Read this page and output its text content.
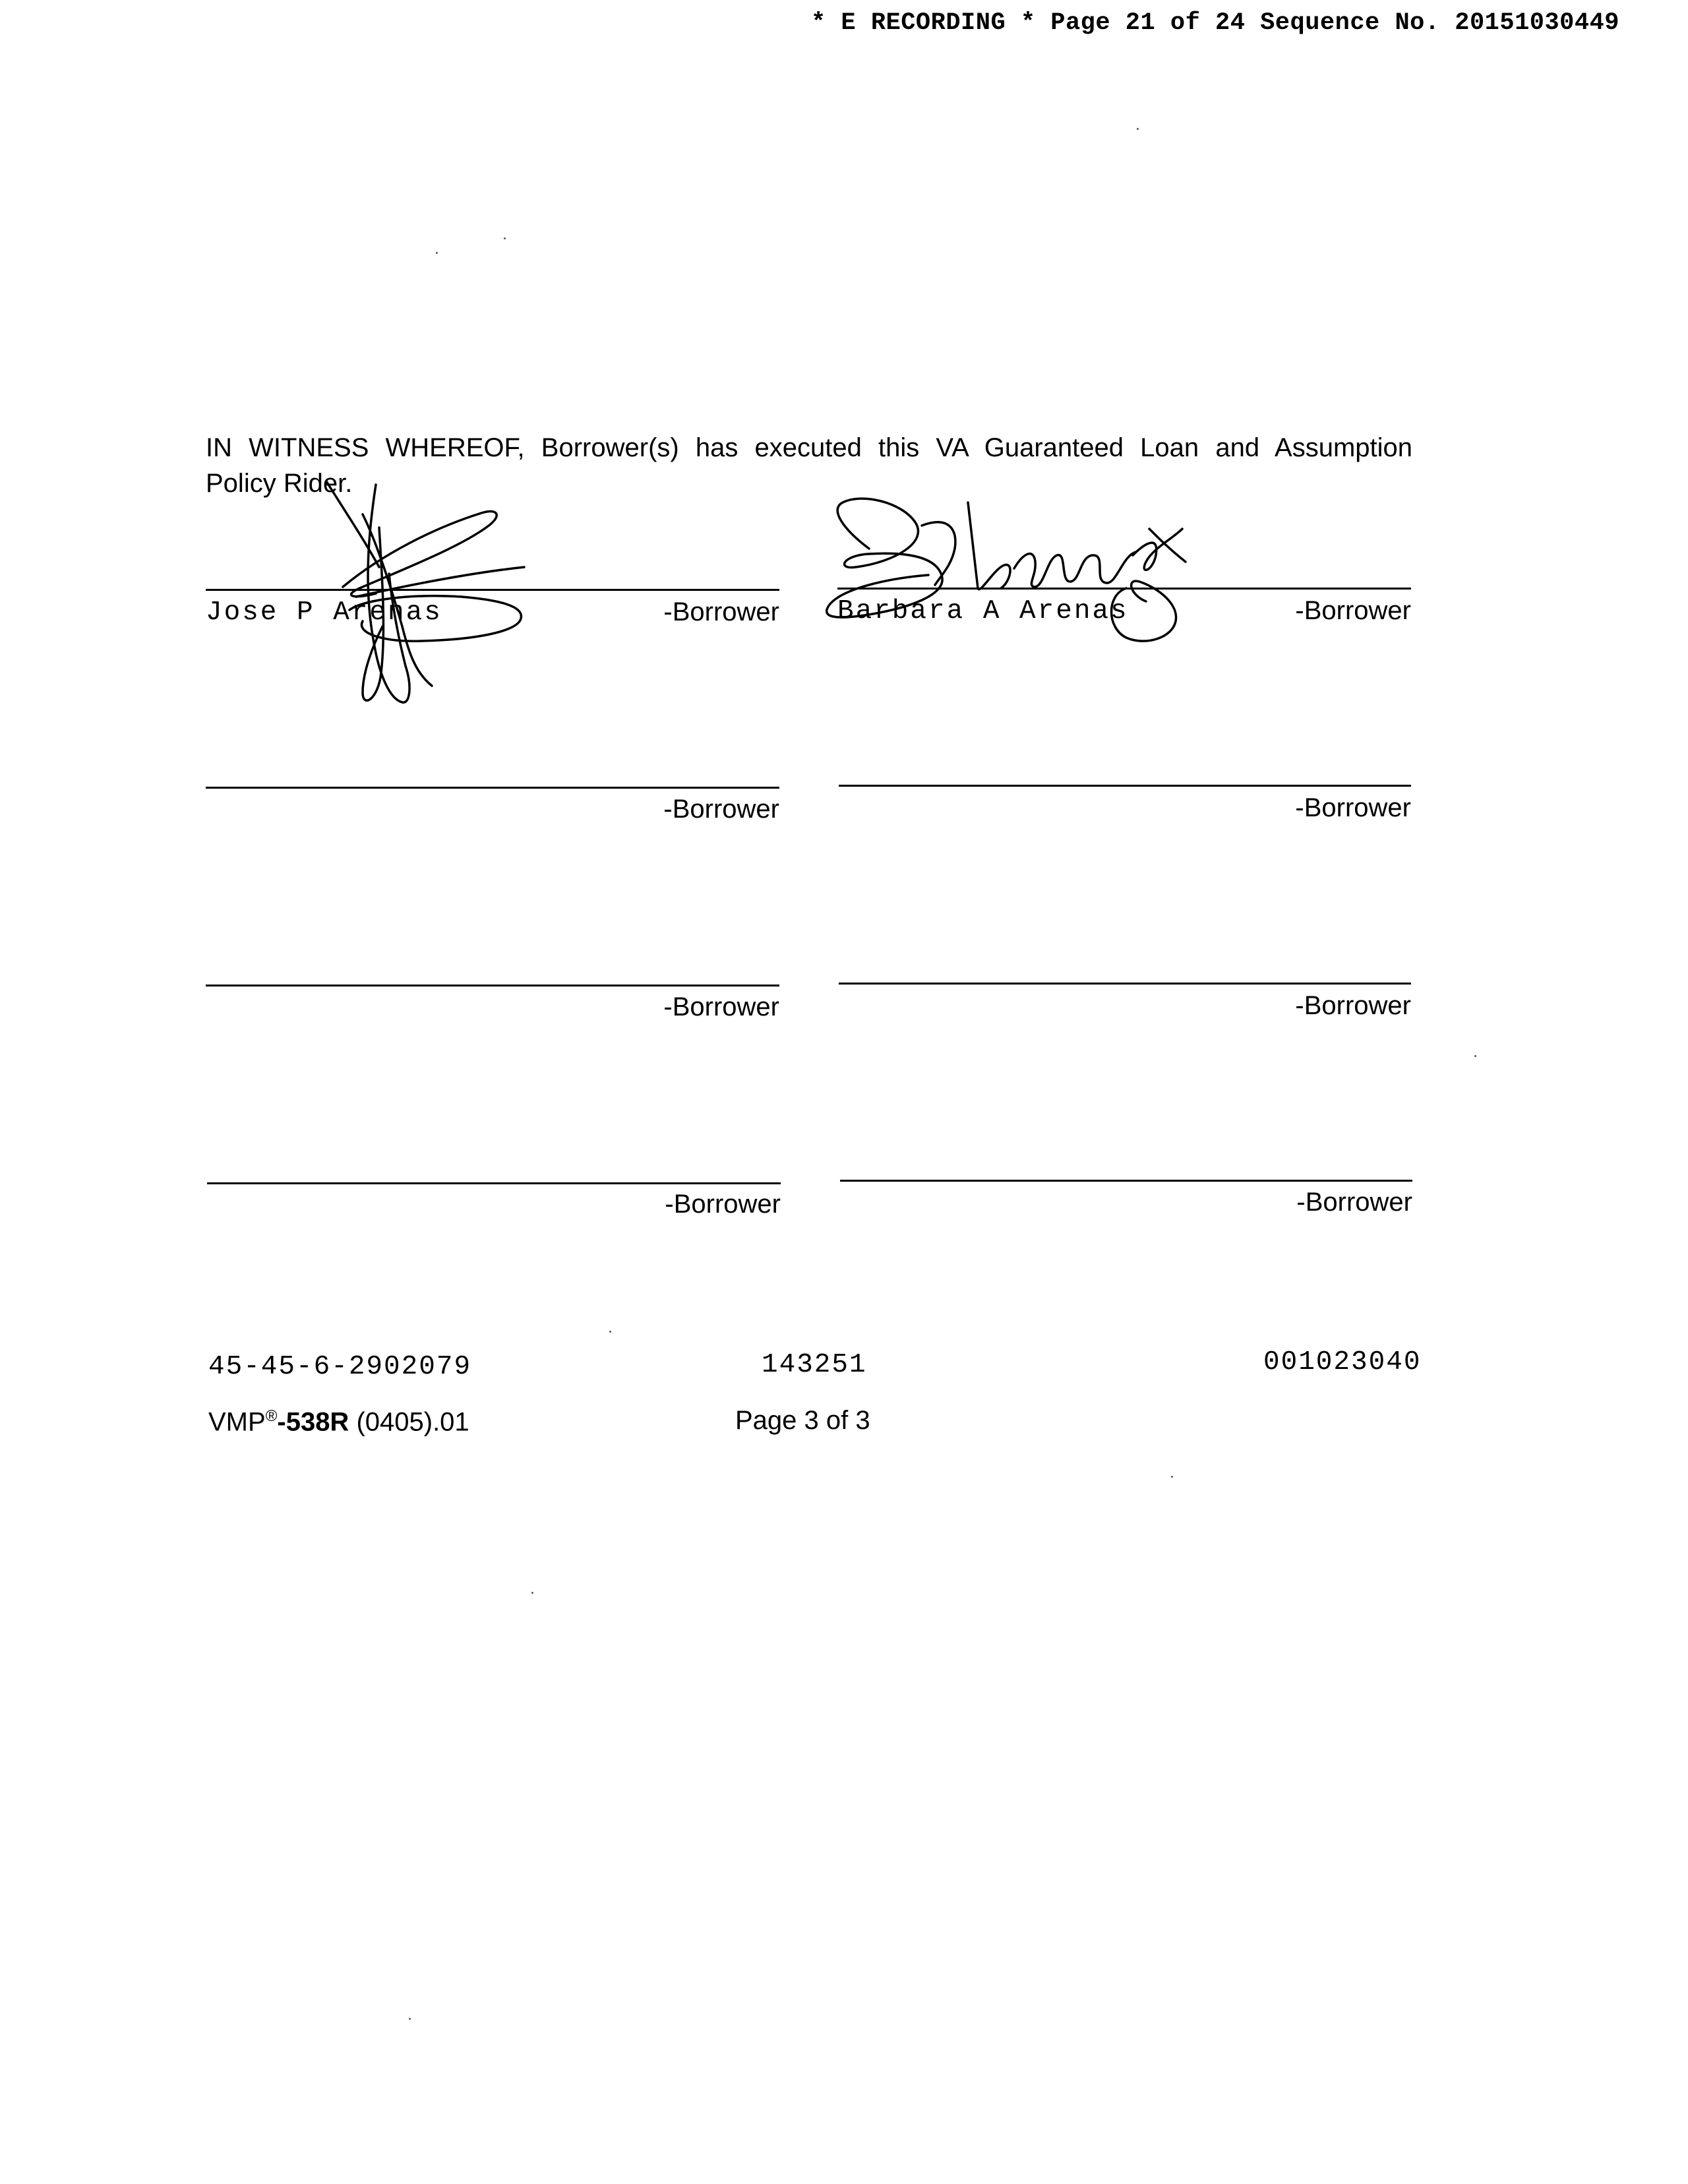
* E RECORDING * Page 21 of 24 Sequence No. 20151030449
IN WITNESS WHEREOF, Borrower(s) has executed this VA Guaranteed Loan and Assumption
Policy Rider.
Jose P Arenas	-Borrower Barbara A Arenas	-Borrower
-Borrower	-Borrower
-Borrower	-Borrower
-Borrower	-Borrower
45-45-6-2902079	143251	001023040
VMP®-538R (0405).01	Page 3 of 3
